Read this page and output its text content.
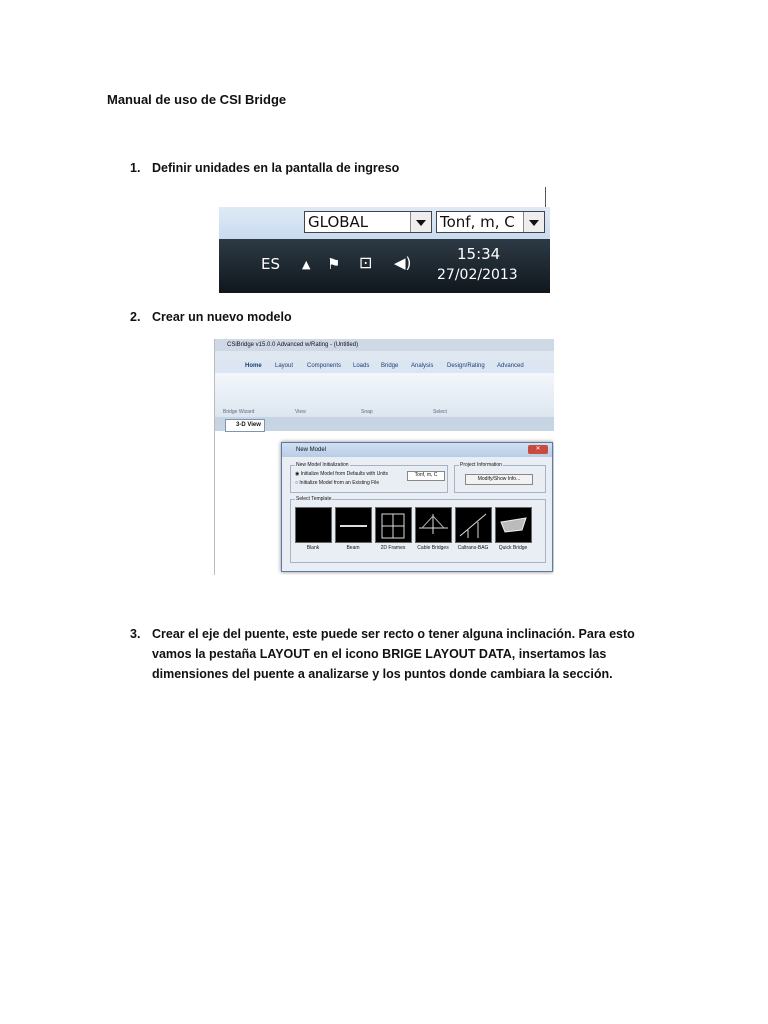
Manual de uso de CSI Bridge
1. Definir unidades en la pantalla de ingreso
GLOBAL	Tonf, m, C
ES ▲ ⚑ ⊡ ◀)	15:34
27/02/2013
2. Crear un nuevo modelo
CSiBridge v15.0.0 Advanced w/Rating - (Untitled)
Home Layout Components Loads Bridge Analysis Design/Rating Advanced
Bridge Wizard	View	Snap	Select
3-D View
New Model	✕
New Model Initialization
◉ Initialize Model from Defaults with Units
○ Initialize Model from an Existing File
Tonf, m, C
Project Information
Modify/Show Info...
Select Template
Blank	Beam	2D Frames	Cable Bridges	Caltrans-BAG	Quick Bridge
3. Crear el eje del puente, este puede ser recto o tener alguna inclinación. Para esto vamos la pestaña LAYOUT en el icono BRIGE LAYOUT DATA, insertamos las dimensiones del puente a analizarse y los puntos donde cambiara la sección.
